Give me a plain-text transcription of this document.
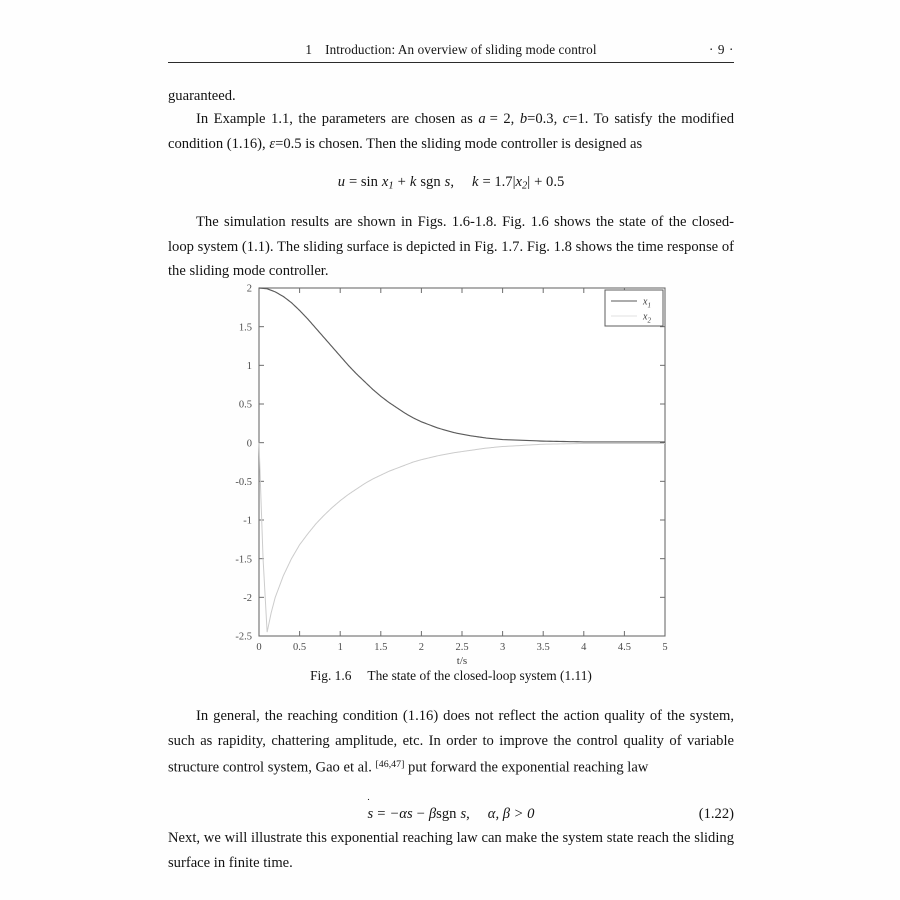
1 Introduction: An overview of sliding mode control	· 9 ·
guaranteed.
In Example 1.1, the parameters are chosen as a = 2, b=0.3, c=1. To satisfy the modified condition (1.16), ε=0.5 is chosen. Then the sliding mode controller is designed as
$u = \sin x_1 + k$ sgn s, $k = 1.7|x_2| + 0.5$
The simulation results are shown in Figs. 1.6-1.8. Fig. 1.6 shows the state of the closed-loop system (1.1). The sliding surface is depicted in Fig. 1.7. Fig. 1.8 shows the time response of the sliding mode controller.
0	0.5	1	1.5	2	2.5	3	3.5	4	4.5	5
2
1.5
1
0.5
0
-0.5
-1
-1.5
-2
-2.5
t/s
$x_1$
$x_2$
Fig. 1.6 The state of the closed-loop system (1.11)
In general, the reaching condition (1.16) does not reflect the action quality of the system, such as rapidity, chattering amplitude, etc. In order to improve the control quality of variable structure control system, Gao et al. [46,47] put forward the exponential reaching law
s = −αs − βsgn s, α, β > 0	(1.22)
Next, we will illustrate this exponential reaching law can make the system state reach the sliding surface in finite time.
